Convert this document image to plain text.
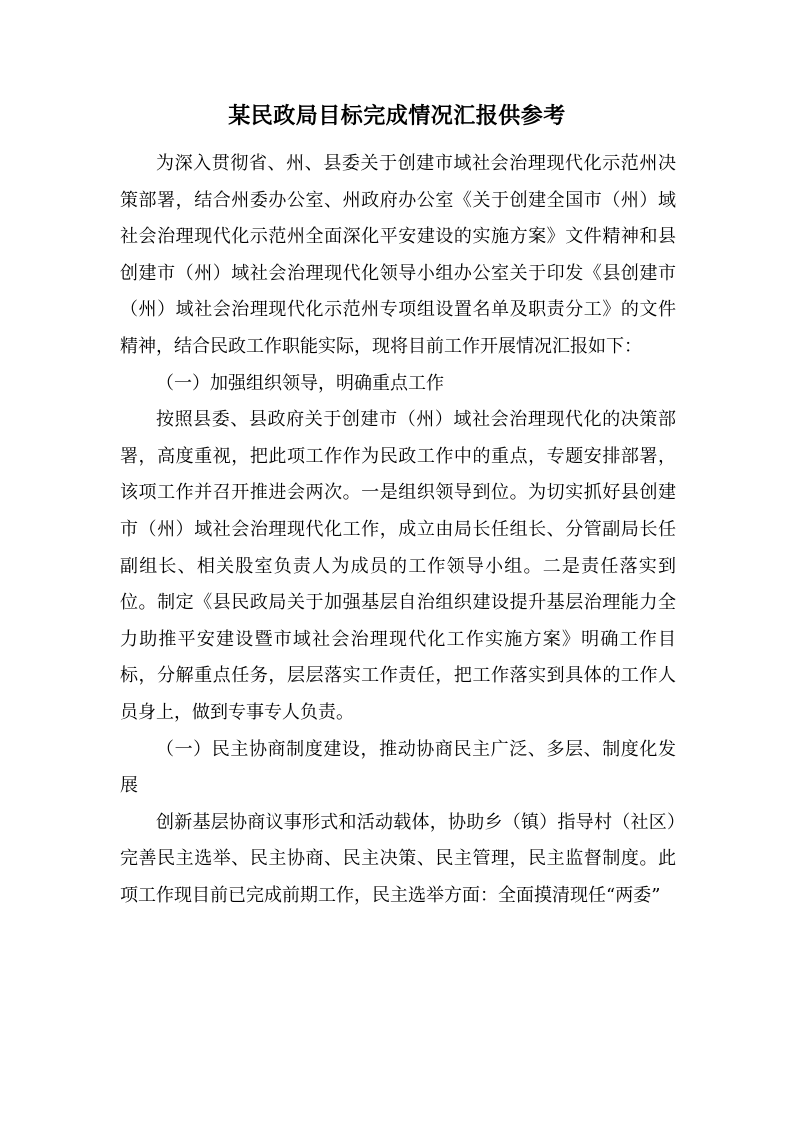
某民政局目标完成情况汇报供参考

为深入贯彻省、州、县委关于创建市域社会治理现代化示范州决策部署，结合州委办公室、州政府办公室《关于创建全国市（州）域社会治理现代化示范州全面深化平安建设的实施方案》文件精神和县创建市（州）域社会治理现代化领导小组办公室关于印发《县创建市（州）域社会治理现代化示范州专项组设置名单及职责分工》的文件精神，结合民政工作职能实际，现将目前工作开展情况汇报如下：

（一）加强组织领导，明确重点工作

按照县委、县政府关于创建市（州）域社会治理现代化的决策部署，高度重视，把此项工作作为民政工作中的重点，专题安排部署，该项工作并召开推进会两次。一是组织领导到位。为切实抓好县创建市（州）域社会治理现代化工作，成立由局长任组长、分管副局长任副组长、相关股室负责人为成员的工作领导小组。二是责任落实到位。制定《县民政局关于加强基层自治组织建设提升基层治理能力全力助推平安建设暨市域社会治理现代化工作实施方案》明确工作目标，分解重点任务，层层落实工作责任，把工作落实到具体的工作人员身上，做到专事专人负责。

（一）民主协商制度建设，推动协商民主广泛、多层、制度化发展

创新基层协商议事形式和活动载体，协助乡（镇）指导村（社区）完善民主选举、民主协商、民主决策、民主管理，民主监督制度。此项工作现目前已完成前期工作，民主选举方面：全面摸清现任“两委”
